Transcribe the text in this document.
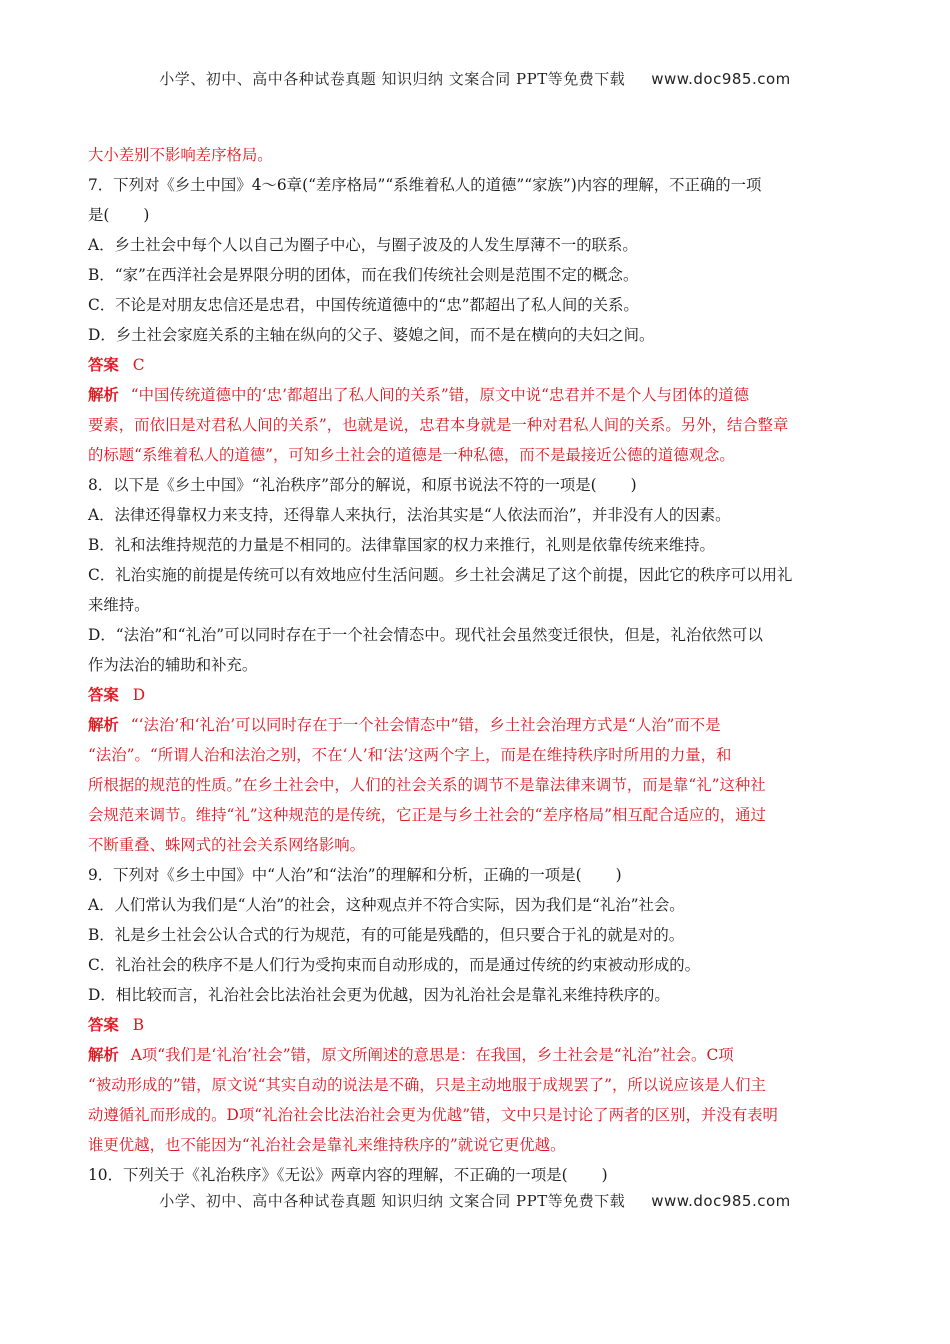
小学、初中、高中各种试卷真题 知识归纳 文案合同 PPT等免费下载 www.doc985.com
大小差别不影响差序格局。
7．下列对《乡土中国》4～6章(“差序格局”“系维着私人的道德”“家族”)内容的理解，不正确的一项
是( )
A．乡土社会中每个人以自己为圈子中心，与圈子波及的人发生厚薄不一的联系。
B．“家”在西洋社会是界限分明的团体，而在我们传统社会则是范围不定的概念。
C．不论是对朋友忠信还是忠君，中国传统道德中的“忠”都超出了私人间的关系。
D．乡土社会家庭关系的主轴在纵向的父子、婆媳之间，而不是在横向的夫妇之间。
答案 C
解析 “中国传统道德中的‘忠’都超出了私人间的关系”错，原文中说“忠君并不是个人与团体的道德
要素，而依旧是对君私人间的关系”，也就是说，忠君本身就是一种对君私人间的关系。另外，结合整章
的标题“系维着私人的道德”，可知乡土社会的道德是一种私德，而不是最接近公德的道德观念。
8．以下是《乡土中国》“礼治秩序”部分的解说，和原书说法不符的一项是( )
A．法律还得靠权力来支持，还得靠人来执行，法治其实是“人依法而治”，并非没有人的因素。
B．礼和法维持规范的力量是不相同的。法律靠国家的权力来推行，礼则是依靠传统来维持。
C．礼治实施的前提是传统可以有效地应付生活问题。乡土社会满足了这个前提，因此它的秩序可以用礼
来维持。
D．“法治”和“礼治”可以同时存在于一个社会情态中。现代社会虽然变迁很快，但是，礼治依然可以
作为法治的辅助和补充。
答案 D
解析 “‘法治’和‘礼治’可以同时存在于一个社会情态中”错，乡土社会治理方式是“人治”而不是
“法治”。“所谓人治和法治之别，不在‘人’和‘法’这两个字上，而是在维持秩序时所用的力量，和
所根据的规范的性质。”在乡土社会中，人们的社会关系的调节不是靠法律来调节，而是靠“礼”这种社
会规范来调节。维持“礼”这种规范的是传统，它正是与乡土社会的“差序格局”相互配合适应的，通过
不断重叠、蛛网式的社会关系网络影响。
9．下列对《乡土中国》中“人治”和“法治”的理解和分析，正确的一项是( )
A．人们常认为我们是“人治”的社会，这种观点并不符合实际，因为我们是“礼治”社会。
B．礼是乡土社会公认合式的行为规范，有的可能是残酷的，但只要合于礼的就是对的。
C．礼治社会的秩序不是人们行为受拘束而自动形成的，而是通过传统的约束被动形成的。
D．相比较而言，礼治社会比法治社会更为优越，因为礼治社会是靠礼来维持秩序的。
答案 B
解析 A项“我们是‘礼治’社会”错，原文所阐述的意思是：在我国，乡土社会是“礼治”社会。C项
“被动形成的”错，原文说“其实自动的说法是不确，只是主动地服于成规罢了”，所以说应该是人们主
动遵循礼而形成的。D项“礼治社会比法治社会更为优越”错，文中只是讨论了两者的区别，并没有表明
谁更优越，也不能因为“礼治社会是靠礼来维持秩序的”就说它更优越。
10．下列关于《礼治秩序》《无讼》两章内容的理解，不正确的一项是( )
小学、初中、高中各种试卷真题 知识归纳 文案合同 PPT等免费下载 www.doc985.com
